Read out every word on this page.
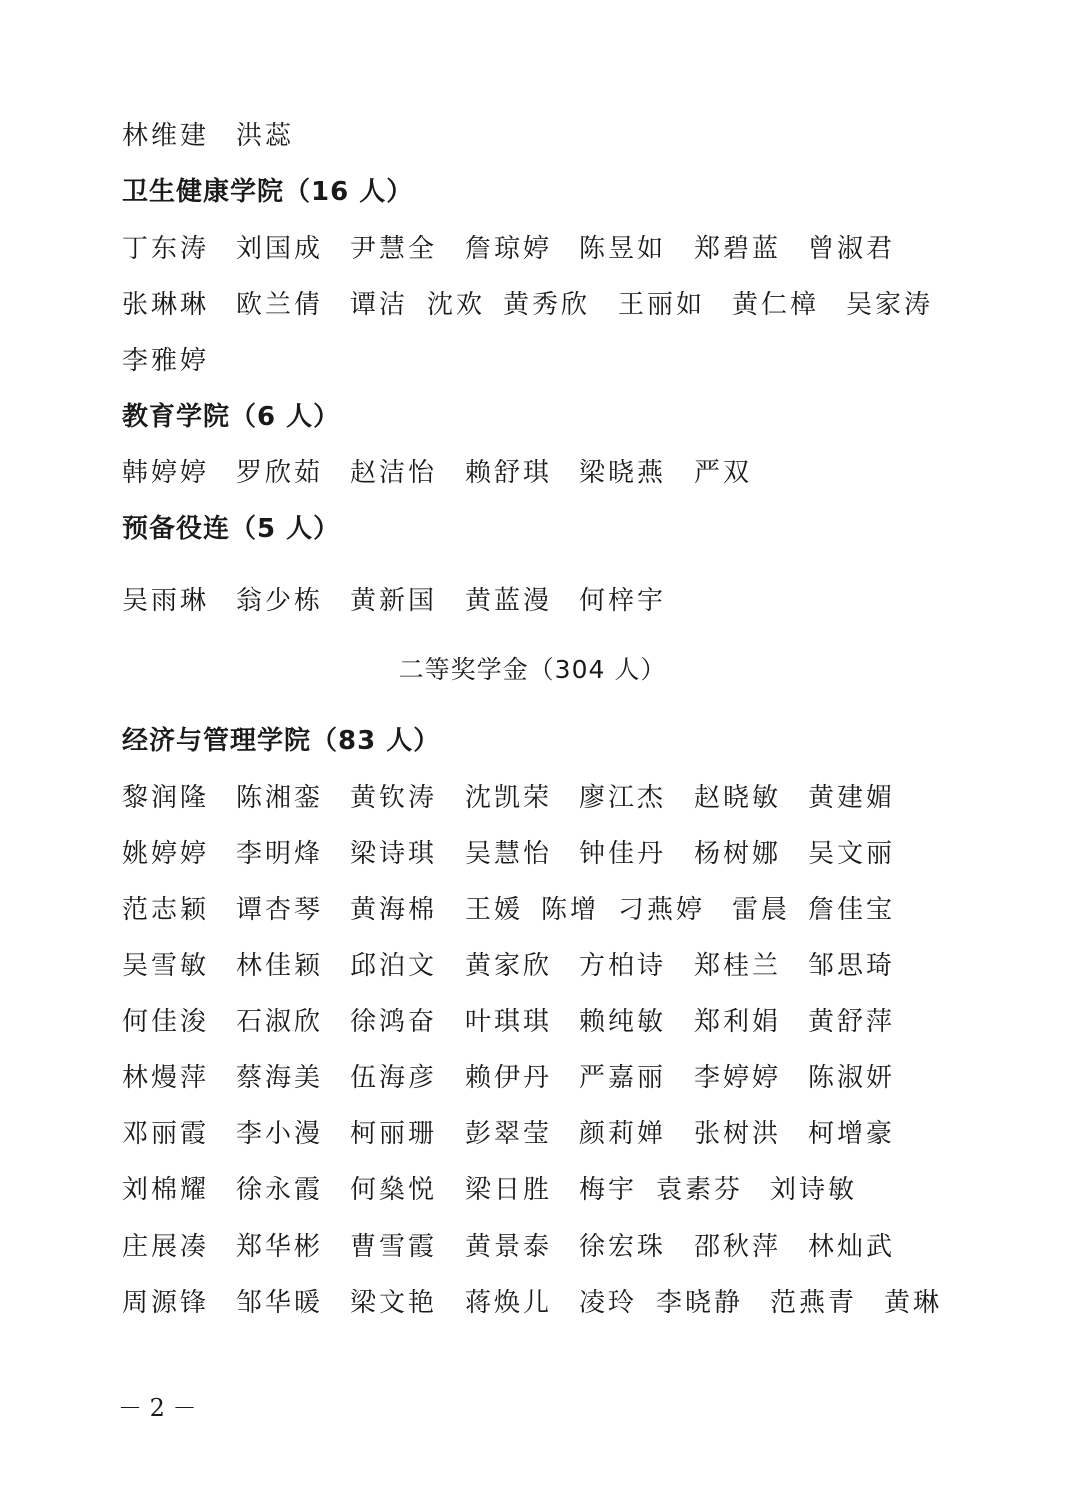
林维建 洪蕊
卫生健康学院（16 人）
丁东涛 刘国成 尹慧全 詹琼婷 陈昱如 郑碧蓝 曾淑君
张琳琳 欧兰倩 谭洁 沈欢 黄秀欣 王丽如 黄仁樟 吴家涛
李雅婷
教育学院（6 人）
韩婷婷 罗欣茹 赵洁怡 赖舒琪 梁晓燕 严双
预备役连（5 人）
吴雨琳 翁少栋 黄新国 黄蓝漫 何梓宇
二等奖学金（304 人）
经济与管理学院（83 人）
黎润隆 陈湘銮 黄钦涛 沈凯荣 廖江杰 赵晓敏 黄建媚
姚婷婷 李明烽 梁诗琪 吴慧怡 钟佳丹 杨树娜 吴文丽
范志颖 谭杏琴 黄海棉 王媛 陈增 刁燕婷 雷晨 詹佳宝
吴雪敏 林佳颖 邱泊文 黄家欣 方柏诗 郑桂兰 邹思琦
何佳浚 石淑欣 徐鸿奋 叶琪琪 赖纯敏 郑利娟 黄舒萍
林熳萍 蔡海美 伍海彦 赖伊丹 严嘉丽 李婷婷 陈淑妍
邓丽霞 李小漫 柯丽珊 彭翠莹 颜莉婵 张树洪 柯增豪
刘棉耀 徐永霞 何燊悦 梁日胜 梅宇 袁素芬 刘诗敏
庄展凑 郑华彬 曹雪霞 黄景泰 徐宏珠 邵秋萍 林灿武
周源锋 邹华暖 梁文艳 蒋焕儿 凌玲 李晓静 范燕青 黄琳
－ 2 －
